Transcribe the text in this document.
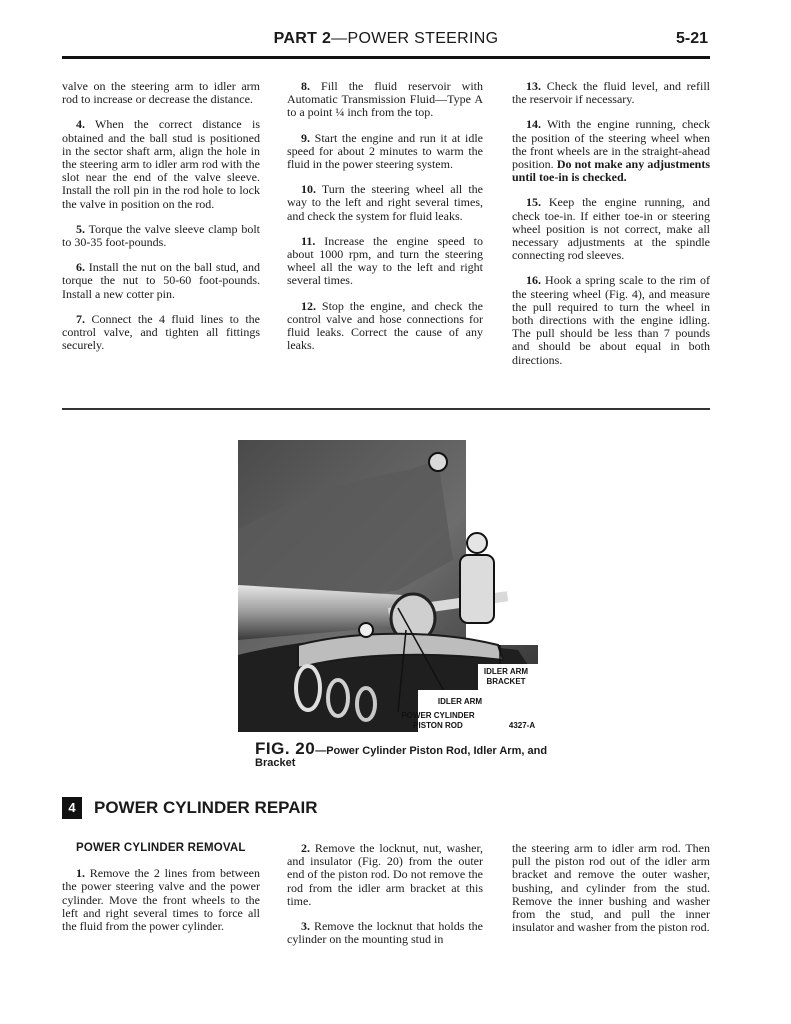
PART 2—POWER STEERING	5-21

valve on the steering arm to idler arm rod to increase or decrease the distance.

4. When the correct distance is obtained and the ball stud is positioned in the sector shaft arm, align the hole in the steering arm to idler arm rod with the slot near the end of the valve sleeve. Install the roll pin in the rod hole to lock the valve in position on the rod.

5. Torque the valve sleeve clamp bolt to 30-35 foot-pounds.

6. Install the nut on the ball stud, and torque the nut to 50-60 foot-pounds. Install a new cotter pin.

7. Connect the 4 fluid lines to the control valve, and tighten all fittings securely.

8. Fill the fluid reservoir with Automatic Transmission Fluid—Type A to a point ¼ inch from the top.

9. Start the engine and run it at idle speed for about 2 minutes to warm the fluid in the power steering system.

10. Turn the steering wheel all the way to the left and right several times, and check the system for fluid leaks.

11. Increase the engine speed to about 1000 rpm, and turn the steering wheel all the way to the left and right several times.

12. Stop the engine, and check the control valve and hose connections for fluid leaks. Correct the cause of any leaks.

13. Check the fluid level, and refill the reservoir if necessary.

14. With the engine running, check the position of the steering wheel when the front wheels are in the straight-ahead position. Do not make any adjustments until toe-in is checked.

15. Keep the engine running, and check toe-in. If either toe-in or steering wheel position is not correct, make all necessary adjustments at the spindle connecting rod sleeves.

16. Hook a spring scale to the rim of the steering wheel (Fig. 4), and measure the pull required to turn the wheel in both directions with the engine idling. The pull should be less than 7 pounds and should be about equal in both directions.

IDLER ARM
BRACKET
IDLER ARM
POWER CYLINDER
PISTON ROD	4327-A
FIG. 20—Power Cylinder Piston Rod, Idler Arm, and Bracket
4	POWER CYLINDER REPAIR

POWER CYLINDER REMOVAL

1. Remove the 2 lines from between the power steering valve and the power cylinder. Move the front wheels to the left and right several times to force all the fluid from the power cylinder.

2. Remove the locknut, nut, washer, and insulator (Fig. 20) from the outer end of the piston rod. Do not remove the rod from the idler arm bracket at this time.

3. Remove the locknut that holds the cylinder on the mounting stud in

the steering arm to idler arm rod. Then pull the piston rod out of the idler arm bracket and remove the outer washer, bushing, and cylinder from the stud. Remove the inner bushing and washer from the stud, and pull the inner insulator and washer from the piston rod.
